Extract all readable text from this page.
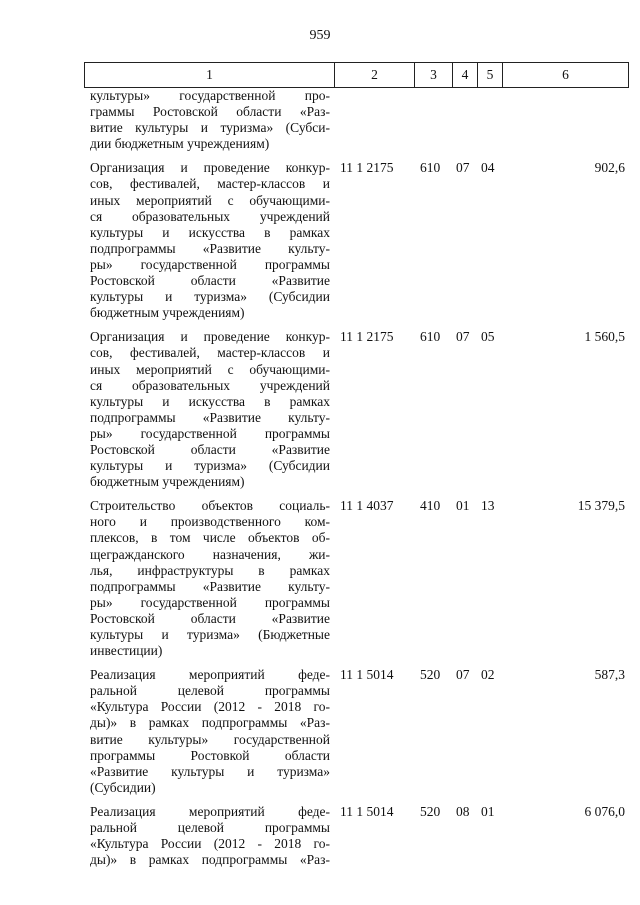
959
1	2	3	4	5	6
культуры» государственной про-
граммы Ростовской области «Раз-
витие культуры и туризма» (Субси-
дии бюджетным учреждениям)
Организация и проведение конкур-
сов, фестивалей, мастер-классов и
иных мероприятий с обучающими-
ся образовательных учреждений
культуры и искусства в рамках
подпрограммы «Развитие культу-
ры» государственной программы
Ростовской области «Развитие
культуры и туризма» (Субсидии
бюджетным учреждениям)
11 1 2175	610	07 04	902,6
Организация и проведение конкур-
сов, фестивалей, мастер-классов и
иных мероприятий с обучающими-
ся образовательных учреждений
культуры и искусства в рамках
подпрограммы «Развитие культу-
ры» государственной программы
Ростовской области «Развитие
культуры и туризма» (Субсидии
бюджетным учреждениям)
11 1 2175	610	07 05	1 560,5
Строительство объектов социаль-
ного и производственного ком-
плексов, в том числе объектов об-
щегражданского назначения, жи-
лья, инфраструктуры в рамках
подпрограммы «Развитие культу-
ры» государственной программы
Ростовской области «Развитие
культуры и туризма» (Бюджетные
инвестиции)
11 1 4037	410	01 13	15 379,5
Реализация мероприятий феде-
ральной целевой программы
«Культура России (2012 - 2018 го-
ды)» в рамках подпрограммы «Раз-
витие культуры» государственной
программы Ростовкой области
«Развитие культуры и туризма»
(Субсидии)
11 1 5014	520	07 02	587,3
Реализация мероприятий феде-
ральной целевой программы
«Культура России (2012 - 2018 го-
ды)» в рамках подпрограммы «Раз-
11 1 5014	520	08 01	6 076,0
